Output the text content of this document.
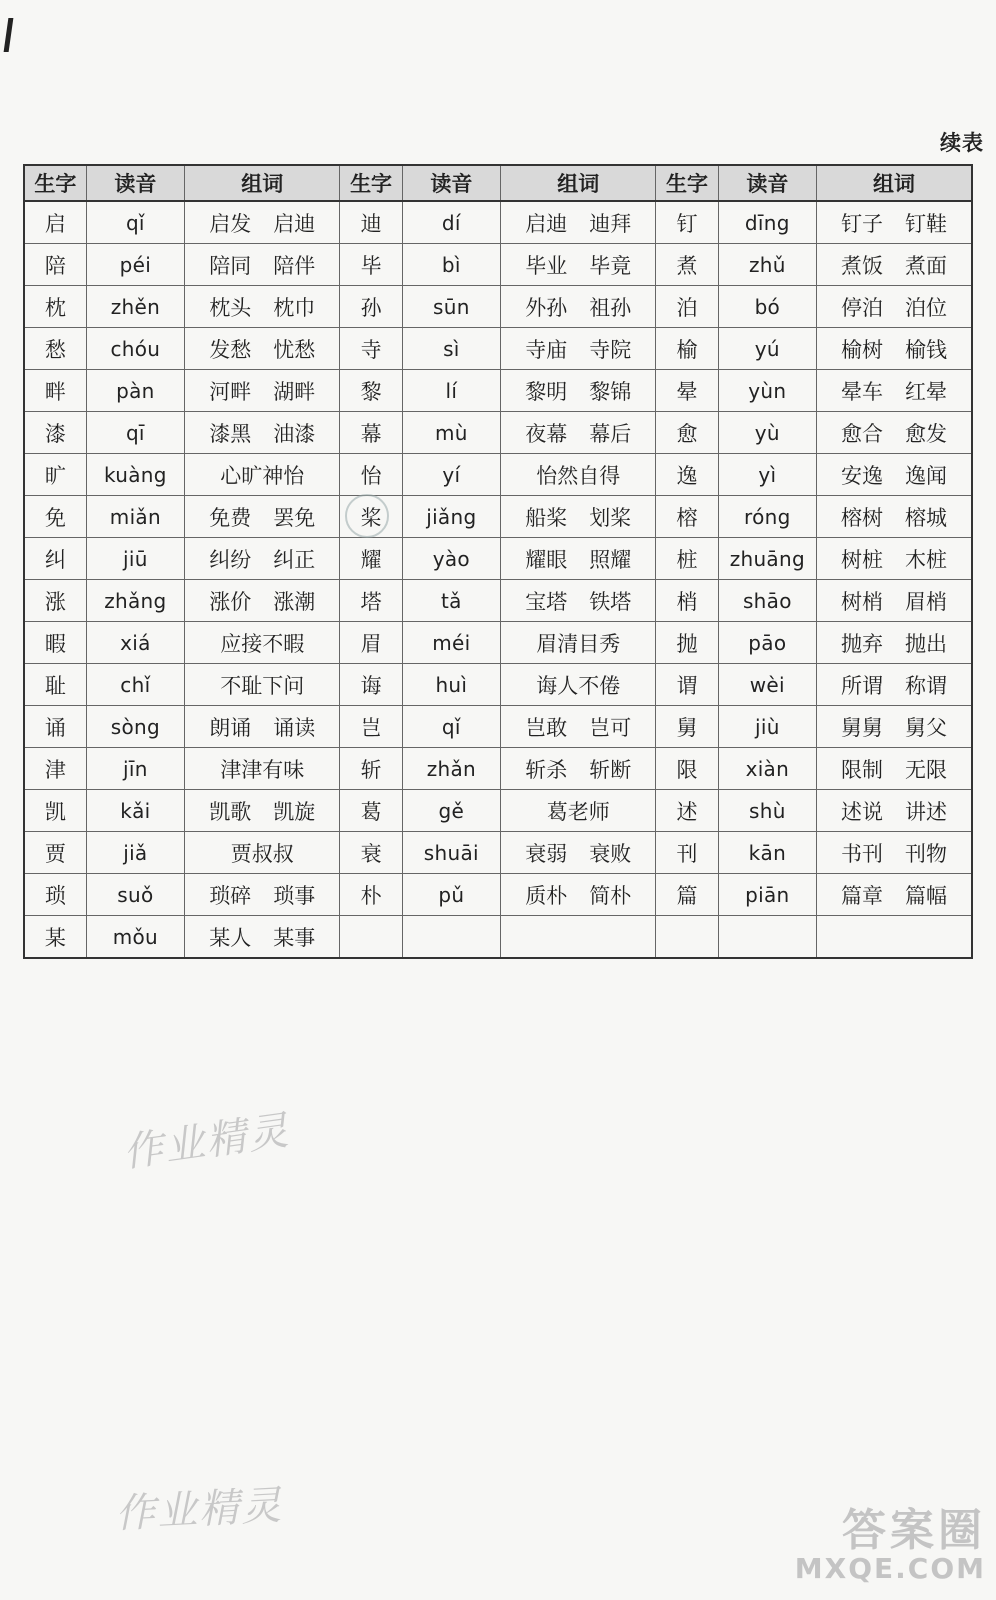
续表
生字	读音	组词	生字	读音	组词	生字	读音	组词
启	qǐ	启发 启迪	迪	dí	启迪 迪拜	钉	dīng	钉子 钉鞋
陪	péi	陪同 陪伴	毕	bì	毕业 毕竟	煮	zhǔ	煮饭 煮面
枕	zhěn	枕头 枕巾	孙	sūn	外孙 祖孙	泊	bó	停泊 泊位
愁	chóu	发愁 忧愁	寺	sì	寺庙 寺院	榆	yú	榆树 榆钱
畔	pàn	河畔 湖畔	黎	lí	黎明 黎锦	晕	yùn	晕车 红晕
漆	qī	漆黑 油漆	幕	mù	夜幕 幕后	愈	yù	愈合 愈发
旷	kuàng	心旷神怡	怡	yí	怡然自得	逸	yì	安逸 逸闻
免	miǎn	免费 罢免	桨	jiǎng	船桨 划桨	榕	róng	榕树 榕城
纠	jiū	纠纷 纠正	耀	yào	耀眼 照耀	桩	zhuāng	树桩 木桩
涨	zhǎng	涨价 涨潮	塔	tǎ	宝塔 铁塔	梢	shāo	树梢 眉梢
暇	xiá	应接不暇	眉	méi	眉清目秀	抛	pāo	抛弃 抛出
耻	chǐ	不耻下问	诲	huì	诲人不倦	谓	wèi	所谓 称谓
诵	sòng	朗诵 诵读	岂	qǐ	岂敢 岂可	舅	jiù	舅舅 舅父
津	jīn	津津有味	斩	zhǎn	斩杀 斩断	限	xiàn	限制 无限
凯	kǎi	凯歌 凯旋	葛	gě	葛老师	述	shù	述说 讲述
贾	jiǎ	贾叔叔	衰	shuāi	衰弱 衰败	刊	kān	书刊 刊物
琐	suǒ	琐碎 琐事	朴	pǔ	质朴 简朴	篇	piān	篇章 篇幅
某	mǒu	某人 某事						
作业精灵
作业精灵	答案圈
MXQE.COM
